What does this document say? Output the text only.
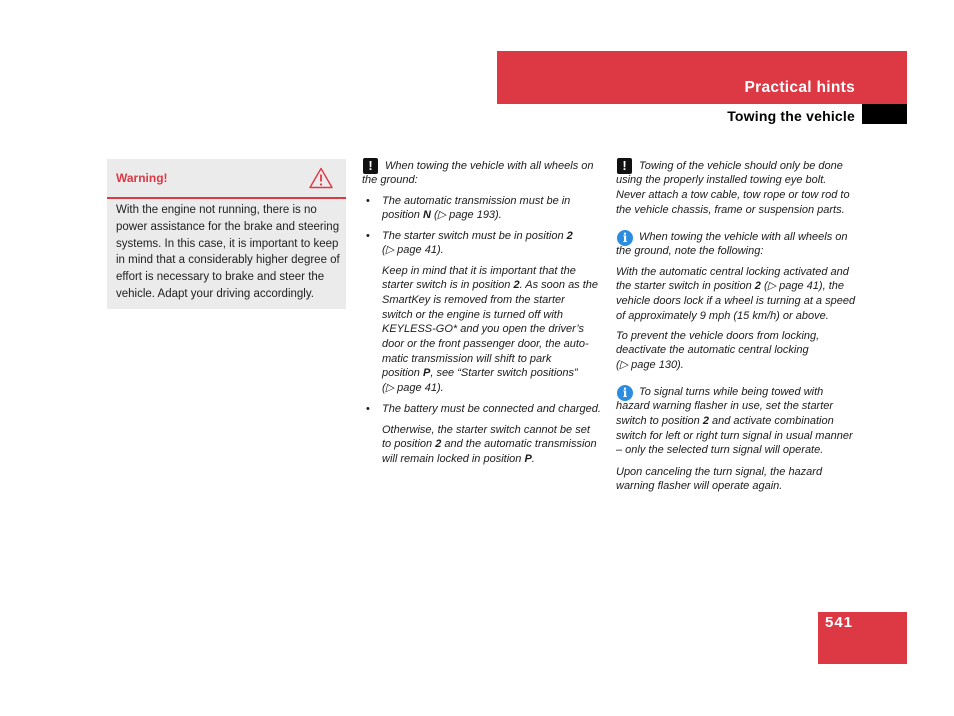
Practical hints
Towing the vehicle
Warning!
With the engine not running, there is no
power assistance for the brake and steering
systems. In this case, it is important to keep
in mind that a considerably higher degree of
effort is necessary to brake and steer the
vehicle. Adapt your driving accordingly.
!	When towing the vehicle with all wheels on
the ground:
• The automatic transmission must be in
position N (▷ page 193).
• The starter switch must be in position 2
(▷ page 41).
Keep in mind that it is important that the
starter switch is in position 2. As soon as the
SmartKey is removed from the starter
switch or the engine is turned off with
KEYLESS-GO* and you open the driver’s
door or the front passenger door, the auto-
matic transmission will shift to park
position P, see “Starter switch positions”
(▷ page 41).
• The battery must be connected and charged.
Otherwise, the starter switch cannot be set
to position 2 and the automatic transmission
will remain locked in position P.
!	Towing of the vehicle should only be done
using the properly installed towing eye bolt.
Never attach a tow cable, tow rope or tow rod to
the vehicle chassis, frame or suspension parts.
i	When towing the vehicle with all wheels on
the ground, note the following:
With the automatic central locking activated and
the starter switch in position 2 (▷ page 41), the
vehicle doors lock if a wheel is turning at a speed
of approximately 9 mph (15 km/h) or above.
To prevent the vehicle doors from locking,
deactivate the automatic central locking
(▷ page 130).
i	To signal turns while being towed with
hazard warning flasher in use, set the starter
switch to position 2 and activate combination
switch for left or right turn signal in usual manner
– only the selected turn signal will operate.
Upon canceling the turn signal, the hazard
warning flasher will operate again.
541
